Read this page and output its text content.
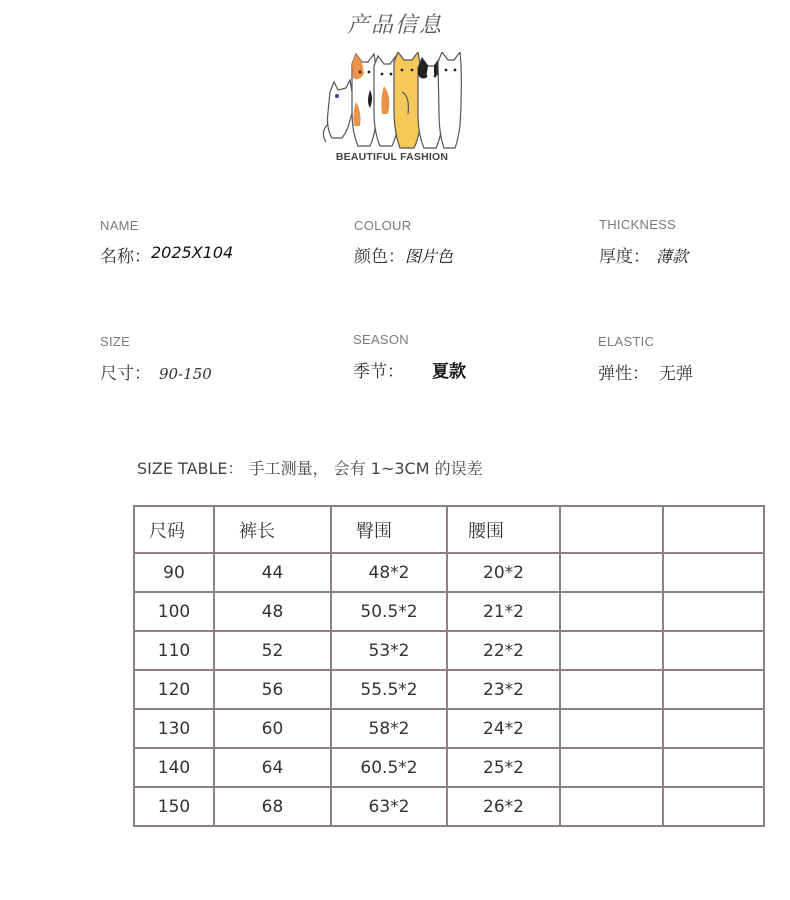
产品信息
BEAUTIFUL FASHION
NAME
名称：2025X104
COLOUR
颜色：图片色
THICKNESS
厚度： 薄款
SIZE
尺寸： 90-150
SEASON
季节： 夏款
ELASTIC
弹性： 无弹
SIZE TABLE： 手工测量， 会有 1~3CM 的误差
尺码	裤长	臀围	腰围		
90	44	48*2	20*2		
100	48	50.5*2	21*2		
110	52	53*2	22*2		
120	56	55.5*2	23*2		
130	60	58*2	24*2		
140	64	60.5*2	25*2		
150	68	63*2	26*2		
